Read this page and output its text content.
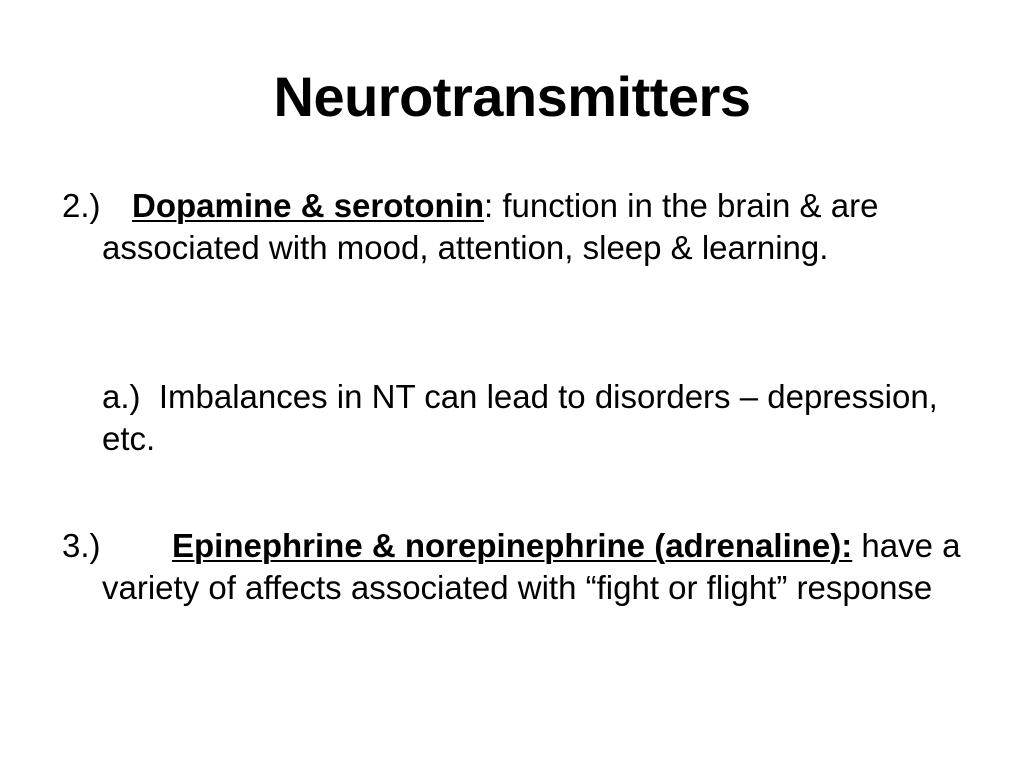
Neurotransmitters
2.) Dopamine & serotonin: function in the brain & are associated with mood, attention, sleep & learning.
a.) Imbalances in NT can lead to disorders – depression, etc.
3.)	Epinephrine & norepinephrine (adrenaline): have a variety of affects associated with “fight or flight” response
